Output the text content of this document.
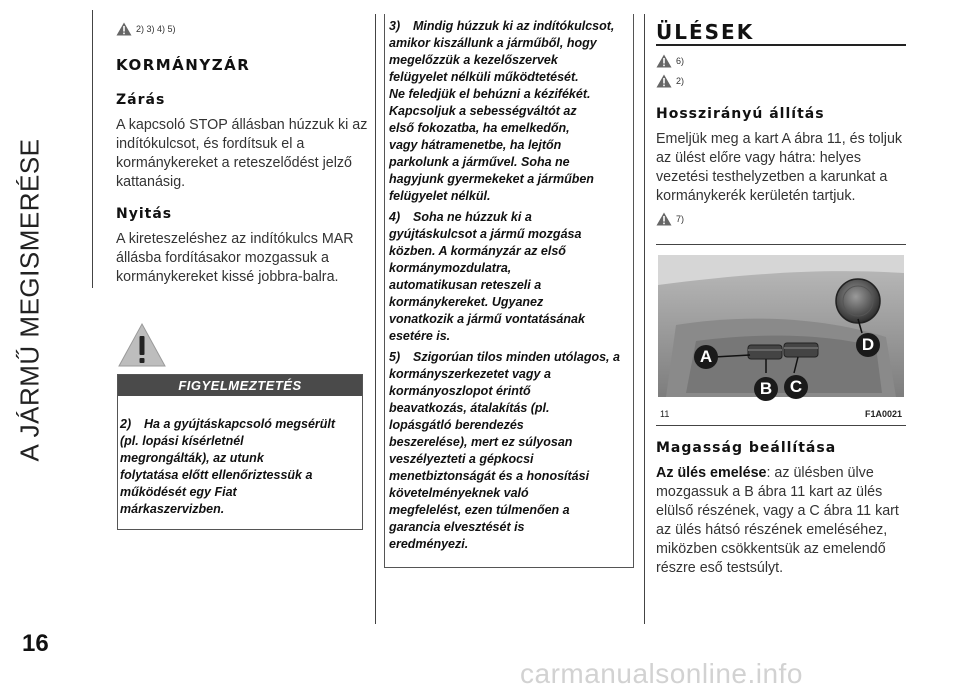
A JÁRMŰ MEGISMERÉSE
16
carmanualsonline.info
2) 3) 4) 5)
KORMÁNYZÁR
Zárás
A kapcsoló STOP állásban húzzuk ki az
indítókulcsot, és fordítsuk el a
kormánykereket a reteszelődést jelző
kattanásig.
Nyitás
A kireteszeléshez az indítókulcs MAR
állásba fordításakor mozgassuk a
kormánykereket kissé jobbra-balra.
FIGYELMEZTETÉS
2) Ha a gyújtáskapcsoló megsérült
(pl. lopási kísérletnél
megrongálták), az utunk
folytatása előtt ellenőriztessük a
működését egy Fiat
márkaszervizben.
3) Mindig húzzuk ki az indítókulcsot,
amikor kiszállunk a járműből, hogy
megelőzzük a kezelőszervek
felügyelet nélküli működtetését.
Ne feledjük el behúzni a kézifékét.
Kapcsoljuk a sebességváltót az
első fokozatba, ha emelkedőn,
vagy hátramenetbe, ha lejtőn
parkolunk a járművel. Soha ne
hagyjunk gyermekeket a járműben
felügyelet nélkül.
4) Soha ne húzzuk ki a
gyújtáskulcsot a jármű mozgása
közben. A kormányzár az első
kormánymozdulatra,
automatikusan reteszeli a
kormánykereket. Ugyanez
vonatkozik a jármű vontatásának
esetére is.
5) Szigorúan tilos minden utólagos, a
kormányszerkezetet vagy a
kormányoszlopot érintő
beavatkozás, átalakítás (pl.
lopásgátló berendezés
beszerelése), mert ez súlyosan
veszélyezteti a gépkocsi
menetbiztonságát és a honosítási
követelményeknek való
megfelelést, ezen túlmenően a
garancia elvesztését is
eredményezi.
ÜLÉSEK
6)
2)
Hosszirányú állítás
Emeljük meg a kart A ábra 11, és toljuk
az ülést előre vagy hátra: helyes
vezetési testhelyzetben a karunkat a
kormánykerék kerületén tartjuk.
7)
A
B	C
D
11	F1A0021
Magasság beállítása
Az ülés emelése: az ülésben ülve
mozgassuk a B ábra 11 kart az ülés
elülső részének, vagy a C ábra 11 kart
az ülés hátsó részének emeléséhez,
miközben csökkentsük az emelendő
részre eső testsúlyt.
